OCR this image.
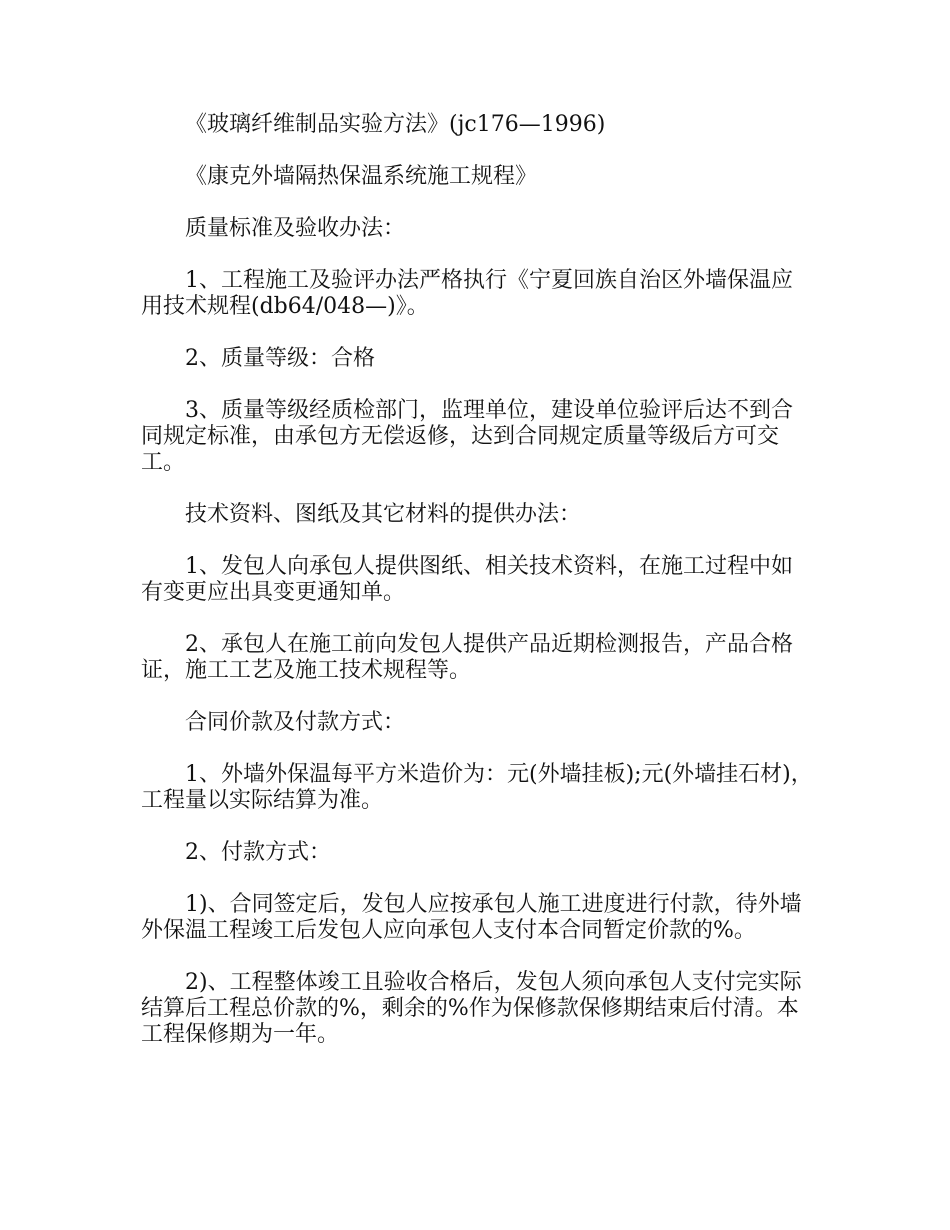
《玻璃纤维制品实验方法》(jc176—1996)

《康克外墙隔热保温系统施工规程》

质量标准及验收办法：

1、工程施工及验评办法严格执行《宁夏回族自治区外墙保温应用技术规程(db64/048—)》。

2、质量等级：合格

3、质量等级经质检部门，监理单位，建设单位验评后达不到合同规定标准，由承包方无偿返修，达到合同规定质量等级后方可交工。

技术资料、图纸及其它材料的提供办法：

1、发包人向承包人提供图纸、相关技术资料，在施工过程中如有变更应出具变更通知单。

2、承包人在施工前向发包人提供产品近期检测报告，产品合格证，施工工艺及施工技术规程等。

合同价款及付款方式：

1、外墙外保温每平方米造价为：元(外墙挂板);元(外墙挂石材)，工程量以实际结算为准。

2、付款方式：

1)、合同签定后，发包人应按承包人施工进度进行付款，待外墙外保温工程竣工后发包人应向承包人支付本合同暂定价款的%。

2)、工程整体竣工且验收合格后，发包人须向承包人支付完实际结算后工程总价款的%，剩余的%作为保修款保修期结束后付清。本工程保修期为一年。
